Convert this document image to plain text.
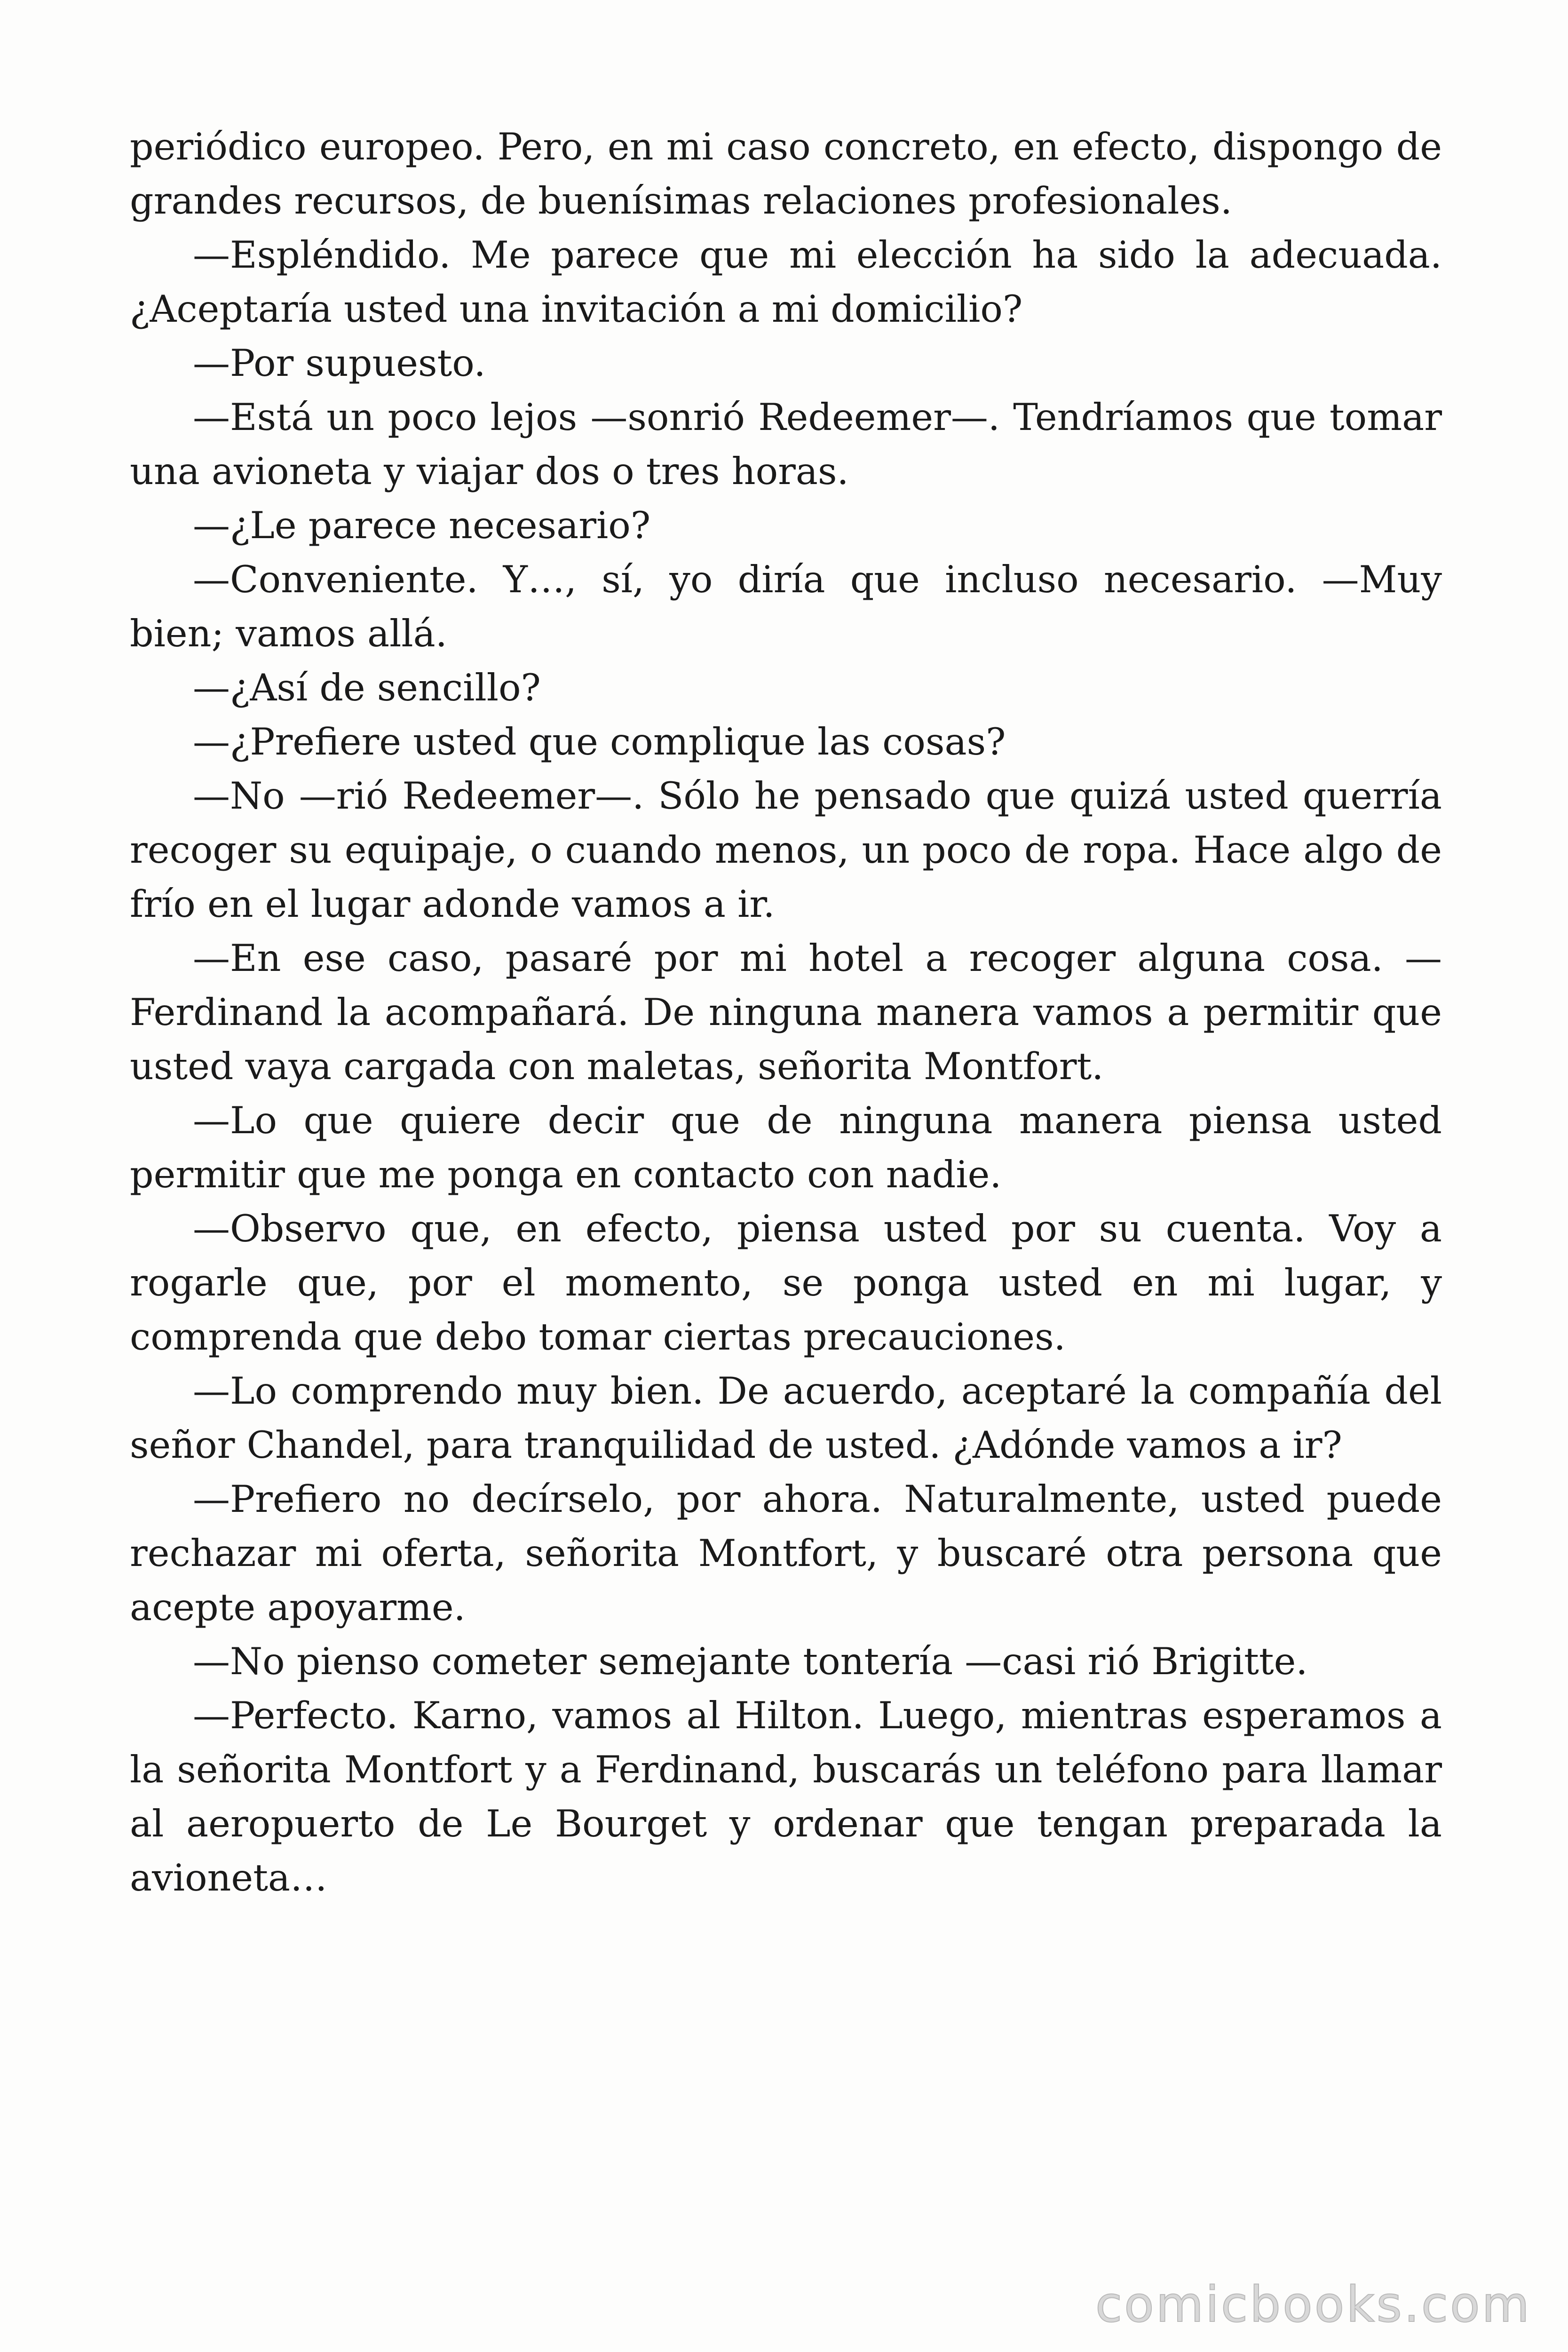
periódico europeo. Pero, en mi caso concreto, en efecto, dispongo de grandes recursos, de buenísimas relaciones profesionales.

—Espléndido. Me parece que mi elección ha sido la adecuada. ¿Aceptaría usted una invitación a mi domicilio?

—Por supuesto.

—Está un poco lejos —sonrió Redeemer—. Tendríamos que tomar una avioneta y viajar dos o tres horas.

—¿Le parece necesario?

—Conveniente. Y…, sí, yo diría que incluso necesario. —Muy bien; vamos allá.

—¿Así de sencillo?

—¿Prefiere usted que complique las cosas?

—No —rió Redeemer—. Sólo he pensado que quizá usted querría recoger su equipaje, o cuando menos, un poco de ropa. Hace algo de frío en el lugar adonde vamos a ir.

—En ese caso, pasaré por mi hotel a recoger alguna cosa. —Ferdinand la acompañará. De ninguna manera vamos a permitir que usted vaya cargada con maletas, señorita Montfort.

—Lo que quiere decir que de ninguna manera piensa usted permitir que me ponga en contacto con nadie.

—Observo que, en efecto, piensa usted por su cuenta. Voy a rogarle que, por el momento, se ponga usted en mi lugar, y comprenda que debo tomar ciertas precauciones.

—Lo comprendo muy bien. De acuerdo, aceptaré la compañía del señor Chandel, para tranquilidad de usted. ¿Adónde vamos a ir?

—Prefiero no decírselo, por ahora. Naturalmente, usted puede rechazar mi oferta, señorita Montfort, y buscaré otra persona que acepte apoyarme.

—No pienso cometer semejante tontería —casi rió Brigitte.

—Perfecto. Karno, vamos al Hilton. Luego, mientras esperamos a la señorita Montfort y a Ferdinand, buscarás un teléfono para llamar al aeropuerto de Le Bourget y ordenar que tengan preparada la avioneta…

comicbooks.com
